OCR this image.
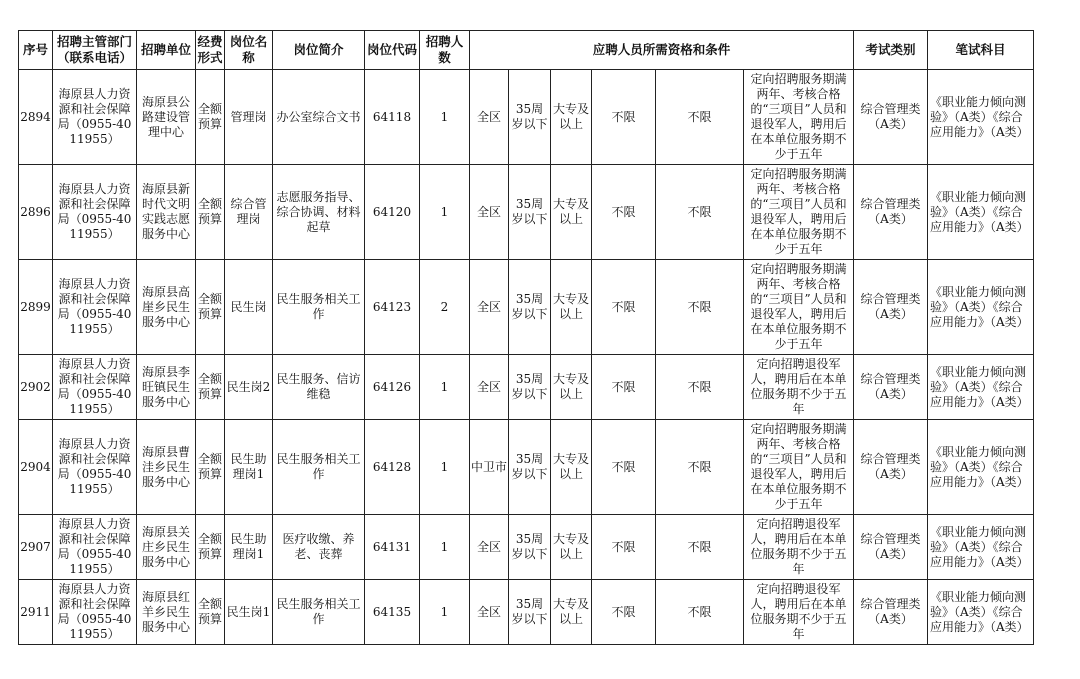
序号	招聘主管部门（联系电话）	招聘单位	经费形式	岗位名称	岗位简介	岗位代码	招聘人数	应聘人员所需资格和条件						考试类别	笔试科目
2894	海原县人力资源和社会保障局（0955-4011955）	海原县公路建设管理中心	全额预算	管理岗	办公室综合文书	64118	1	全区	35周岁以下	大专及以上	不限	不限	定向招聘服务期满两年、考核合格的“三项目”人员和退役军人，聘用后在本单位服务期不少于五年	综合管理类（A类）	《职业能力倾向测验》（A类）《综合应用能力》（A类）
2896	海原县人力资源和社会保障局（0955-4011955）	海原县新时代文明实践志愿服务中心	全额预算	综合管理岗	志愿服务指导、综合协调、材料起草	64120	1	全区	35周岁以下	大专及以上	不限	不限	定向招聘服务期满两年、考核合格的“三项目”人员和退役军人，聘用后在本单位服务期不少于五年	综合管理类（A类）	《职业能力倾向测验》（A类）《综合应用能力》（A类）
2899	海原县人力资源和社会保障局（0955-4011955）	海原县高崖乡民生服务中心	全额预算	民生岗	民生服务相关工作	64123	2	全区	35周岁以下	大专及以上	不限	不限	定向招聘服务期满两年、考核合格的“三项目”人员和退役军人，聘用后在本单位服务期不少于五年	综合管理类（A类）	《职业能力倾向测验》（A类）《综合应用能力》（A类）
2902	海原县人力资源和社会保障局（0955-4011955）	海原县李旺镇民生服务中心	全额预算	民生岗2	民生服务、信访维稳	64126	1	全区	35周岁以下	大专及以上	不限	不限	定向招聘退役军人，聘用后在本单位服务期不少于五年	综合管理类（A类）	《职业能力倾向测验》（A类）《综合应用能力》（A类）
2904	海原县人力资源和社会保障局（0955-4011955）	海原县曹洼乡民生服务中心	全额预算	民生助理岗1	民生服务相关工作	64128	1	中卫市	35周岁以下	大专及以上	不限	不限	定向招聘服务期满两年、考核合格的“三项目”人员和退役军人，聘用后在本单位服务期不少于五年	综合管理类（A类）	《职业能力倾向测验》（A类）《综合应用能力》（A类）
2907	海原县人力资源和社会保障局（0955-4011955）	海原县关庄乡民生服务中心	全额预算	民生助理岗1	医疗收缴、养老、丧葬	64131	1	全区	35周岁以下	大专及以上	不限	不限	定向招聘退役军人，聘用后在本单位服务期不少于五年	综合管理类（A类）	《职业能力倾向测验》（A类）《综合应用能力》（A类）
2911	海原县人力资源和社会保障局（0955-4011955）	海原县红羊乡民生服务中心	全额预算	民生岗1	民生服务相关工作	64135	1	全区	35周岁以下	大专及以上	不限	不限	定向招聘退役军人，聘用后在本单位服务期不少于五年	综合管理类（A类）	《职业能力倾向测验》（A类）《综合应用能力》（A类）
